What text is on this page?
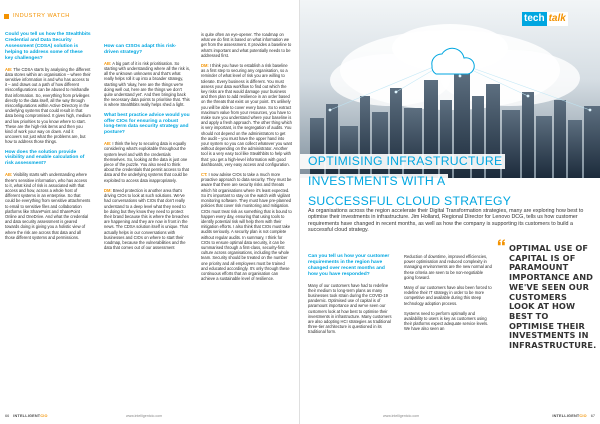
INDUSTRY WATCH
Could you tell us how the Stealthbits Credential and Data Security Assessment (CDSA) solution is helping to address some of these key challenges?
AB: The CDSA starts by analysing the different data stores within an organisation – where their sensitive information is and who has access to it – and draws out a path of how different misconfigurations can be abused to mishandle that information. So, everything from privileges directly to the data itself, all the way through misconfigurations within Active Directory in the underlying systems that could result in that data being compromised. It gives high, medium and low priorities to you know where to start. These are the high-risk items and then you kind of work your way on down. And it uncovers not just what the problems are, but how to address those things.
How does the solution provide visibility and enable calculation of risk assessment?
AB: Visibility starts with understanding where there's sensitive information, who has access to it, what kind of risk is associated with that access and how, across a whole host of different systems in an enterprise. So that could be everything from sensitive attachments to email to sensitive files and collaboration platforms like SharePoint and SharePoint Online and OneDrive. And what the credential and data security assessment is geared towards doing is giving you a holistic view of where the risk are across that data and all those different systems and permissions.
How can CISOs adapt this risk-driven strategy?
AB: A big part of it is risk prioritisation. So starting with understanding where all the risk is, all the unknown unknowns and that's what really helps roll it up into a broader strategy, starting with 'okay, here are the things we're doing well out, here are the things we don't quite understand yet'. And then bringing back the necessary data points to prioritise that. This is where Stealthbits really helps shed a light.
What best practice advice would you offer CIOs for ensuring a robust long-term data security strategy and posture?
AB: I think the key to securing data is equally considering what's exploitable throughout the system level and with the credentials themselves. So, looking at the data is just one piece of the puzzle. You also need to think about the credentials that permit access to that data and the underlying systems that could be exploited to access data inappropriately.
DM: Breed protection is another area that's driving CIOs to look at such solutions. We've had conversations with CIOs that don't really understand to a deep level what they need to be doing but they know they need to protect their brand because this is where the breaches are happening and they are now in front in the news. The CDSA solution itself is unique. That actually helps in our conversations with businesses and CIOs on where to start their roadmap, because the vulnerabilities and the data that comes out of our assessment
is quite often an eye-opener. The roadmap on what we do first is based on what information we get from the assessment. It provides a baseline to what's important and what potentially needs to be addressed first.
DM: I think you have to establish a risk baseline as a first step to securing any organisation, so a reminder of what level of risk you are willing to tolerate. Every business is different. You must assess your data workflow to find out which the key risks are that would damage your business and then plan to add resilience in an order based on the threats that exist on your point. It's unlikely you will be able to cover every base. So to extract maximum value from your resources, you have to make sure you understand where your baseline is and apply a fresh approach. The other thing which is very important, is the segregation of audits. You should not depend on the administrators to get the audit – you must have the upper hand into your system so you can collect whatever you want without depending on the administrator. Another tool is a very easy tool like Stealthbits to help with that: you get a high-level information with good dashboards, very easy access and configuration.
CT: I now advise CIOs to take a much more proactive approach to data security. They must be aware that there are security risks and threats which hit organisations where it's least expected. So it's important to stay on the watch with vigilant monitoring software. They must have pre-planned policies that cover risk monitoring and mitigation. CIOs must treat risk as something that is bound to happen every day, ensuring that using tools to identify potential risk will help them with their mitigation efforts. I also think that CIOs must take audits seriously. A security plan is not complete without regular audits. In summary, I think for CIOs to ensure optimal data security, it can be summarised through a first-class, security-first culture across organisations, including the whole team. Security should be treated on the number one priority and all employees must be trained and educated accordingly. It's only through these continuous efforts that an organisation can achieve a sustainable level of resilience.
66 INTELLIGENTCIO	www.intelligentcio.com
tech talk
OPTIMISING INFRASTRUCTURE
INVESTMENTS WITH A
SUCCESSFUL CLOUD STRATEGY
As organisations across the region accelerate their Digital Transformation strategies, many are exploring how best to optimise their investments in infrastructure. Jim Holland, Regional Director for Lenovo DCG, tells us how customer requirements have changed in recent months, as well as how the company is supporting its customers to build a successful cloud strategy.
Can you tell us how your customer requirements in the region have changed over recent months and how you have responded?
Many of our customers have had to redefine their medium to long-term plans as many businesses took strain during the COVID-19 pandemic. Optimised use of capital is of paramount importance and we've seen our customers look at how best to optimise their investments in infrastructure. Many customers are also adopting HCI strategies as traditional three-tier architecture is questioned in its traditional form.
Reduction of downtime, improved efficiencies, power optimisation and reduced complexity in managing environments are the new normal and these criteria are seen to be non-negotiable going forward.
Many of our customers have also been forced to redefine their IT strategy in order to be more competitive and available during this steep technology adoption process.
Systems need to perform optimally and availability to users is key as customers using their platforms expect adequate service levels. We have also seen an
OPTIMAL USE OF CAPITAL IS OF PARAMOUNT IMPORTANCE AND WE'VE SEEN OUR CUSTOMERS LOOK AT HOW BEST TO OPTIMISE THEIR INVESTMENTS IN INFRASTRUCTURE.
www.intelligentcio.com	INTELLIGENTCIO 67
